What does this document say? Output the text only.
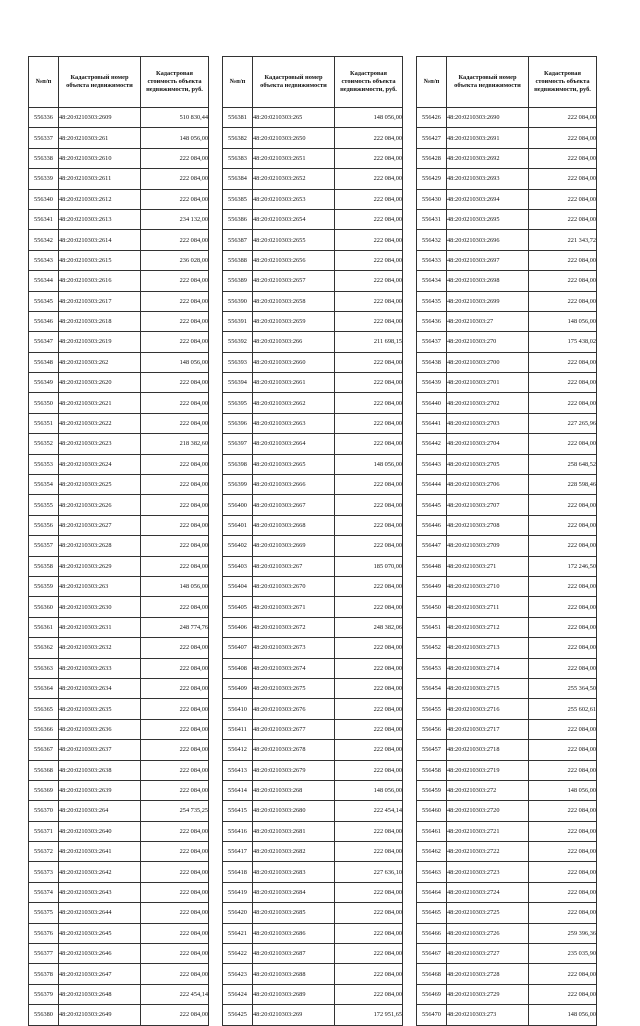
№п/п	Кадастровый номер объекта недвижимости	Кадастровая стоимость объекта недвижимости, руб.
556336	48:20:0210303:2609	510 830,44
556337	48:20:0210303:261	148 056,00
556338	48:20:0210303:2610	222 084,00
556339	48:20:0210303:2611	222 084,00
556340	48:20:0210303:2612	222 084,00
556341	48:20:0210303:2613	234 132,00
556342	48:20:0210303:2614	222 084,00
556343	48:20:0210303:2615	236 028,00
556344	48:20:0210303:2616	222 084,00
556345	48:20:0210303:2617	222 084,00
556346	48:20:0210303:2618	222 084,00
556347	48:20:0210303:2619	222 084,00
556348	48:20:0210303:262	148 056,00
556349	48:20:0210303:2620	222 084,00
556350	48:20:0210303:2621	222 084,00
556351	48:20:0210303:2622	222 084,00
556352	48:20:0210303:2623	218 382,60
556353	48:20:0210303:2624	222 084,00
556354	48:20:0210303:2625	222 084,00
556355	48:20:0210303:2626	222 084,00
556356	48:20:0210303:2627	222 084,00
556357	48:20:0210303:2628	222 084,00
556358	48:20:0210303:2629	222 084,00
556359	48:20:0210303:263	148 056,00
556360	48:20:0210303:2630	222 084,00
556361	48:20:0210303:2631	248 774,76
556362	48:20:0210303:2632	222 084,00
556363	48:20:0210303:2633	222 084,00
556364	48:20:0210303:2634	222 084,00
556365	48:20:0210303:2635	222 084,00
556366	48:20:0210303:2636	222 084,00
556367	48:20:0210303:2637	222 084,00
556368	48:20:0210303:2638	222 084,00
556369	48:20:0210303:2639	222 084,00
556370	48:20:0210303:264	254 735,25
556371	48:20:0210303:2640	222 084,00
556372	48:20:0210303:2641	222 084,00
556373	48:20:0210303:2642	222 084,00
556374	48:20:0210303:2643	222 084,00
556375	48:20:0210303:2644	222 084,00
556376	48:20:0210303:2645	222 084,00
556377	48:20:0210303:2646	222 084,00
556378	48:20:0210303:2647	222 084,00
556379	48:20:0210303:2648	222 454,14
556380	48:20:0210303:2649	222 084,00
№п/п	Кадастровый номер объекта недвижимости	Кадастровая стоимость объекта недвижимости, руб.
556381	48:20:0210303:265	148 056,00
556382	48:20:0210303:2650	222 084,00
556383	48:20:0210303:2651	222 084,00
556384	48:20:0210303:2652	222 084,00
556385	48:20:0210303:2653	222 084,00
556386	48:20:0210303:2654	222 084,00
556387	48:20:0210303:2655	222 084,00
556388	48:20:0210303:2656	222 084,00
556389	48:20:0210303:2657	222 084,00
556390	48:20:0210303:2658	222 084,00
556391	48:20:0210303:2659	222 084,00
556392	48:20:0210303:266	211 698,15
556393	48:20:0210303:2660	222 084,00
556394	48:20:0210303:2661	222 084,00
556395	48:20:0210303:2662	222 084,00
556396	48:20:0210303:2663	222 084,00
556397	48:20:0210303:2664	222 084,00
556398	48:20:0210303:2665	148 056,00
556399	48:20:0210303:2666	222 084,00
556400	48:20:0210303:2667	222 084,00
556401	48:20:0210303:2668	222 084,00
556402	48:20:0210303:2669	222 084,00
556403	48:20:0210303:267	185 070,00
556404	48:20:0210303:2670	222 084,00
556405	48:20:0210303:2671	222 084,00
556406	48:20:0210303:2672	248 382,06
556407	48:20:0210303:2673	222 084,00
556408	48:20:0210303:2674	222 084,00
556409	48:20:0210303:2675	222 084,00
556410	48:20:0210303:2676	222 084,00
556411	48:20:0210303:2677	222 084,00
556412	48:20:0210303:2678	222 084,00
556413	48:20:0210303:2679	222 084,00
556414	48:20:0210303:268	148 056,00
556415	48:20:0210303:2680	222 454,14
556416	48:20:0210303:2681	222 084,00
556417	48:20:0210303:2682	222 084,00
556418	48:20:0210303:2683	227 636,10
556419	48:20:0210303:2684	222 084,00
556420	48:20:0210303:2685	222 084,00
556421	48:20:0210303:2686	222 084,00
556422	48:20:0210303:2687	222 084,00
556423	48:20:0210303:2688	222 084,00
556424	48:20:0210303:2689	222 084,00
556425	48:20:0210303:269	172 951,65
№п/п	Кадастровый номер объекта недвижимости	Кадастровая стоимость объекта недвижимости, руб.
556426	48:20:0210303:2690	222 084,00
556427	48:20:0210303:2691	222 084,00
556428	48:20:0210303:2692	222 084,00
556429	48:20:0210303:2693	222 084,00
556430	48:20:0210303:2694	222 084,00
556431	48:20:0210303:2695	222 084,00
556432	48:20:0210303:2696	221 343,72
556433	48:20:0210303:2697	222 084,00
556434	48:20:0210303:2698	222 084,00
556435	48:20:0210303:2699	222 084,00
556436	48:20:0210303:27	148 056,00
556437	48:20:0210303:270	175 438,02
556438	48:20:0210303:2700	222 084,00
556439	48:20:0210303:2701	222 084,00
556440	48:20:0210303:2702	222 084,00
556441	48:20:0210303:2703	227 265,96
556442	48:20:0210303:2704	222 084,00
556443	48:20:0210303:2705	258 648,52
556444	48:20:0210303:2706	228 598,46
556445	48:20:0210303:2707	222 084,00
556446	48:20:0210303:2708	222 084,00
556447	48:20:0210303:2709	222 084,00
556448	48:20:0210303:271	172 246,50
556449	48:20:0210303:2710	222 084,00
556450	48:20:0210303:2711	222 084,00
556451	48:20:0210303:2712	222 084,00
556452	48:20:0210303:2713	222 084,00
556453	48:20:0210303:2714	222 084,00
556454	48:20:0210303:2715	255 364,50
556455	48:20:0210303:2716	255 602,61
556456	48:20:0210303:2717	222 084,00
556457	48:20:0210303:2718	222 084,00
556458	48:20:0210303:2719	222 084,00
556459	48:20:0210303:272	148 056,00
556460	48:20:0210303:2720	222 084,00
556461	48:20:0210303:2721	222 084,00
556462	48:20:0210303:2722	222 084,00
556463	48:20:0210303:2723	222 084,00
556464	48:20:0210303:2724	222 084,00
556465	48:20:0210303:2725	222 084,00
556466	48:20:0210303:2726	259 396,36
556467	48:20:0210303:2727	235 035,90
556468	48:20:0210303:2728	222 084,00
556469	48:20:0210303:2729	222 084,00
556470	48:20:0210303:273	148 056,00
